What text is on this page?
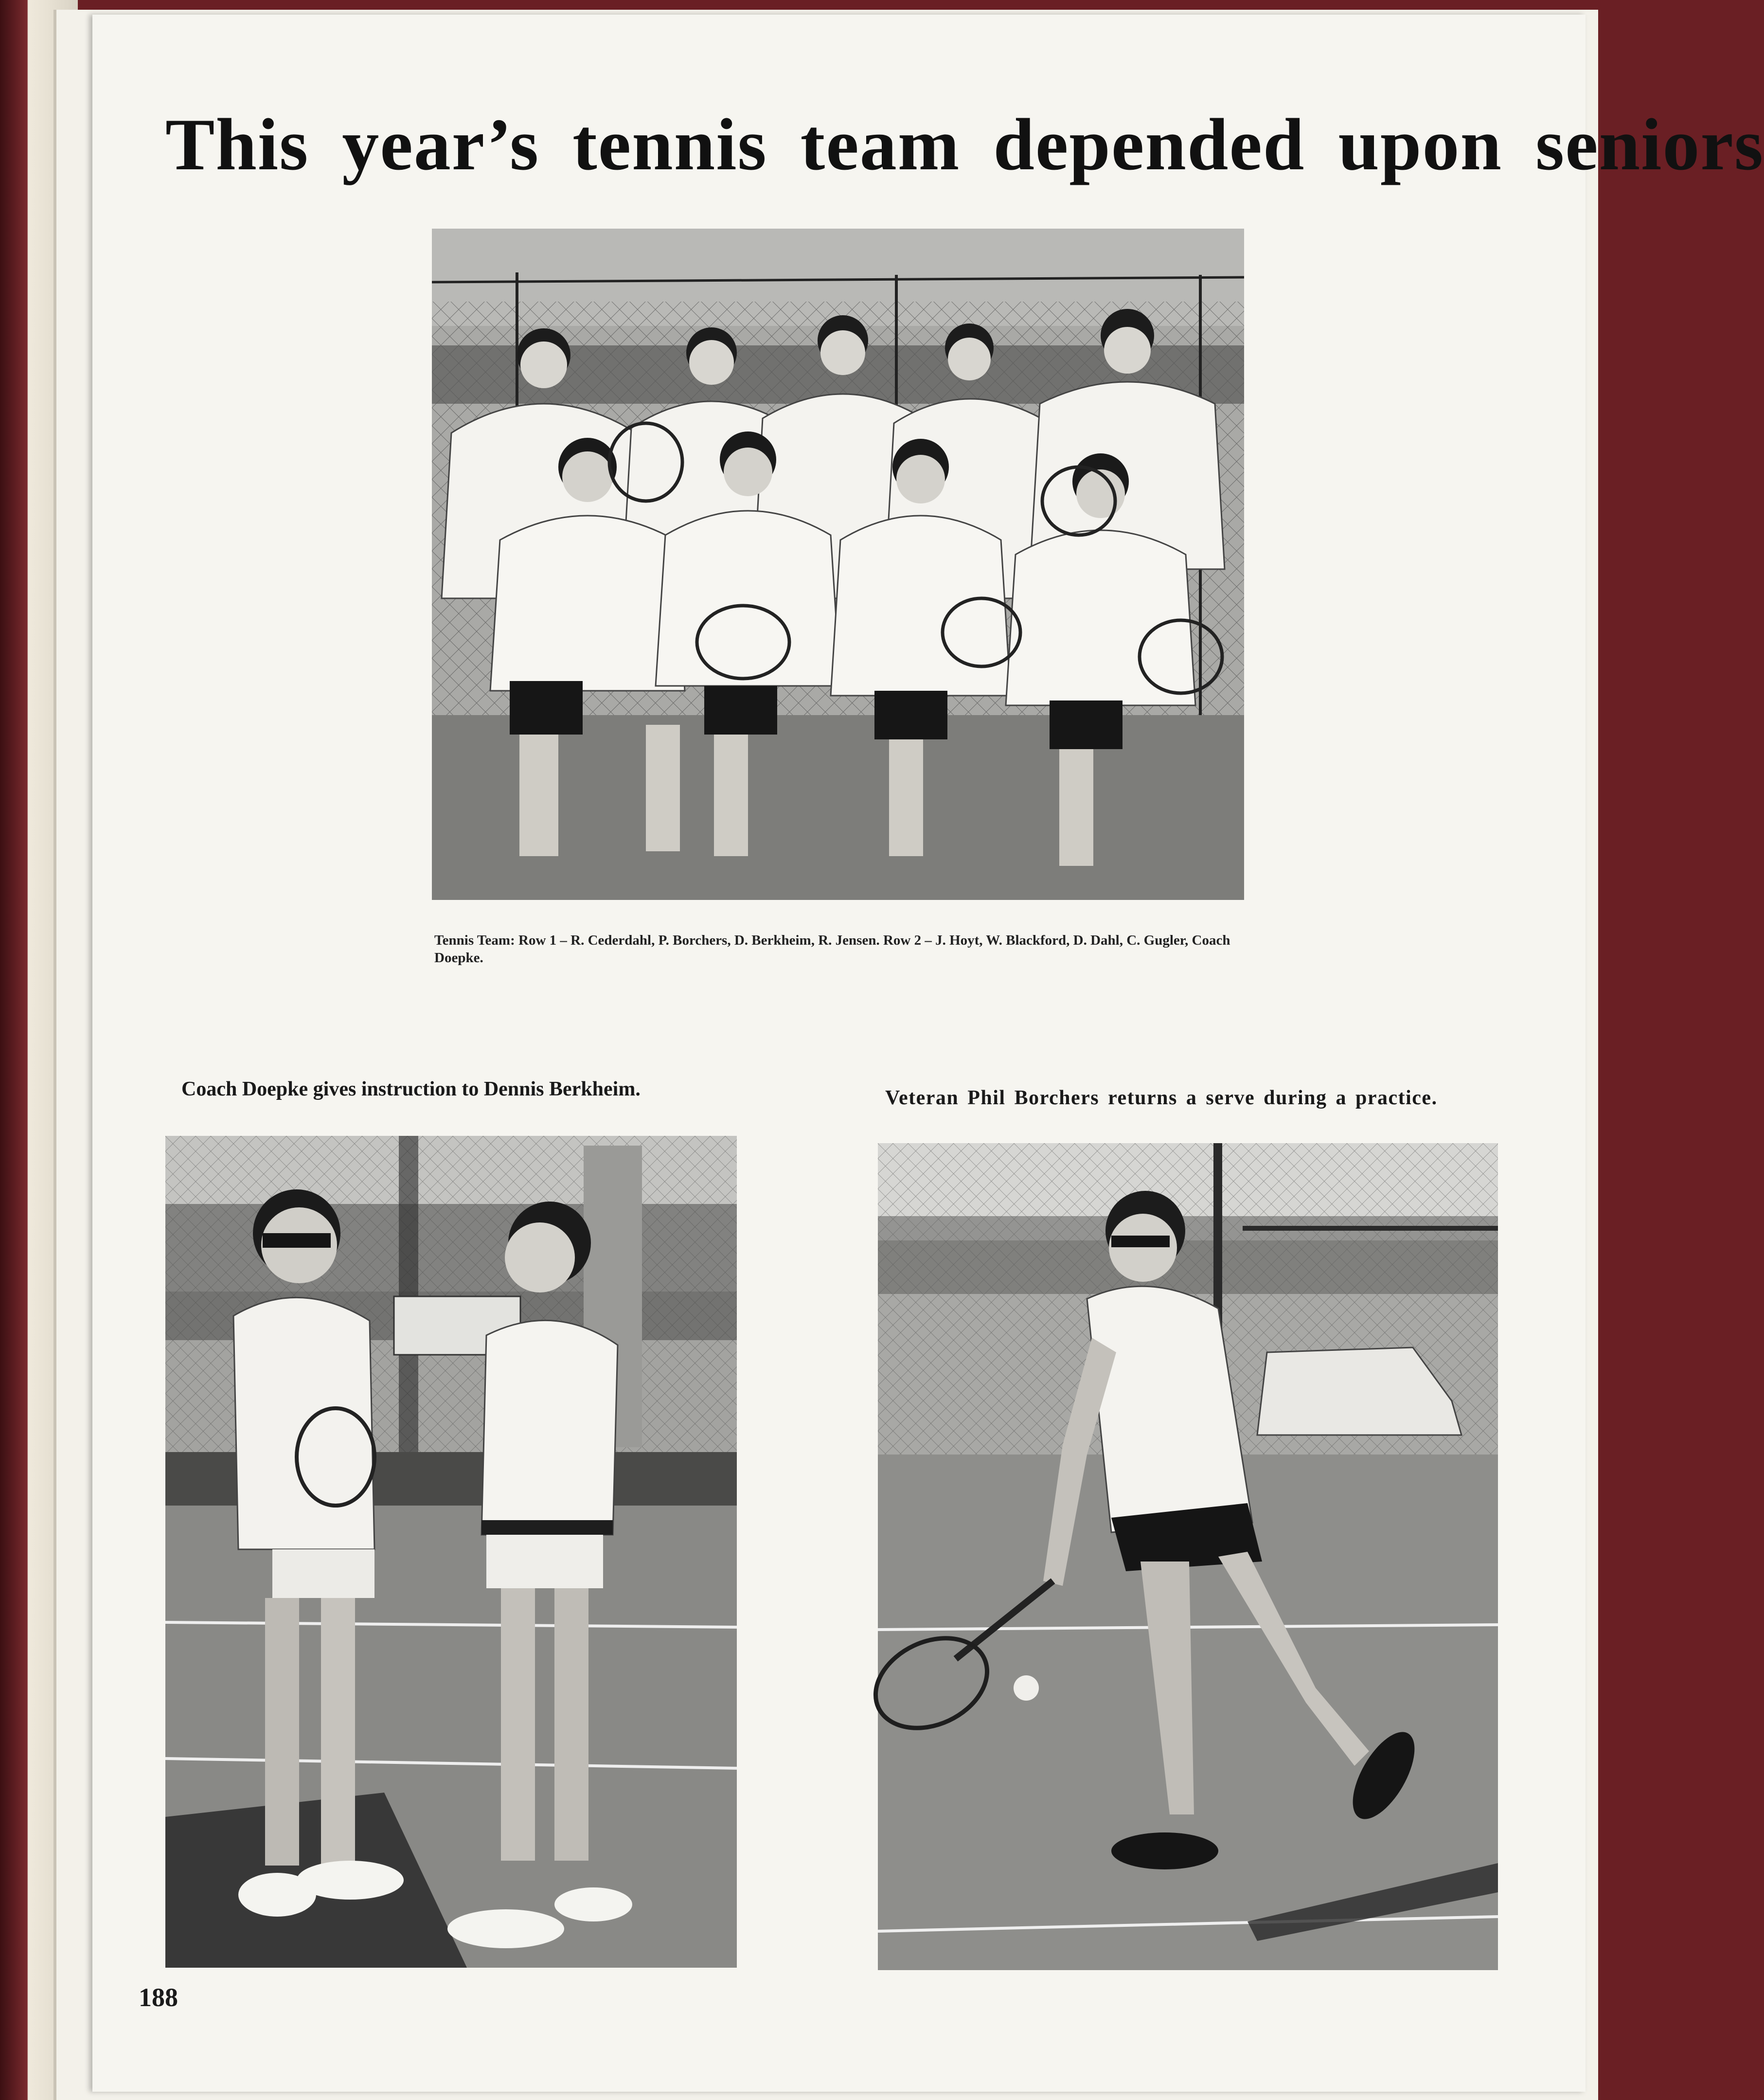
This year’s tennis team depended upon seniors

Tennis Team: Row 1 – R. Cederdahl, P. Borchers, D. Berkheim, R. Jensen. Row 2 – J. Hoyt, W. Blackford, D. Dahl, C. Gugler, Coach Doepke.

Coach Doepke gives instruction to Dennis Berkheim.	Veteran Phil Borchers returns a serve during a practice.

188
